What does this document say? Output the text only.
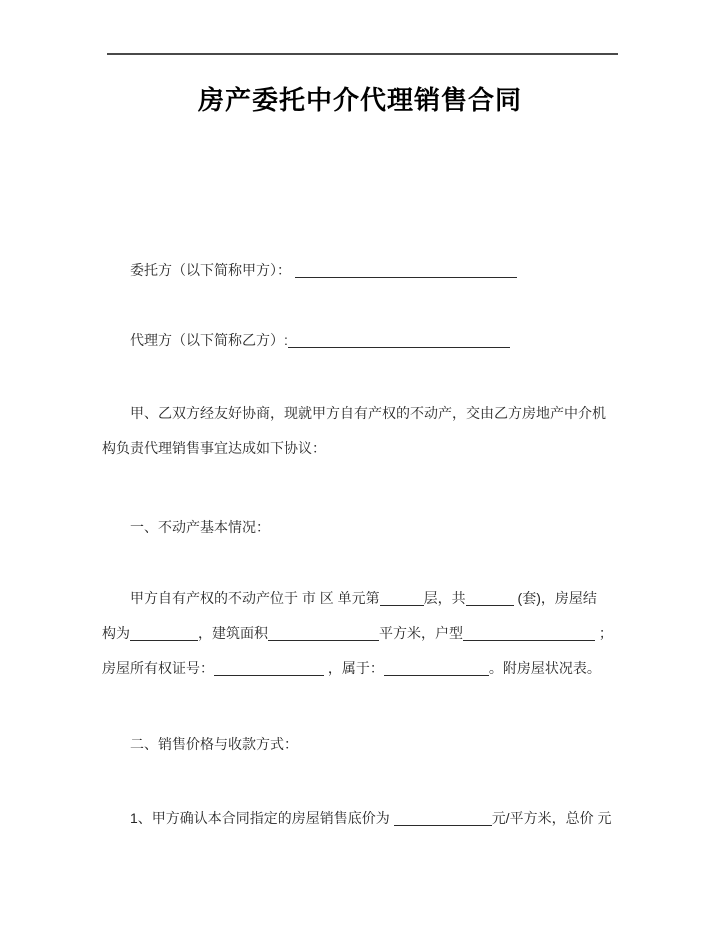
房产委托中介代理销售合同
委托方（以下简称甲方）：
代理方（以下简称乙方）:
甲、乙双方经友好协商，现就甲方自有产权的不动产，交由乙方房地产中介机
构负责代理销售事宜达成如下协议：
一、不动产基本情况：
甲方自有产权的不动产位于 市 区 单元第	层，共	(套)，房屋结
构为	，建筑面积	平方米，户型	；
房屋所有权证号：	，属于：	。附房屋状况表。
二、销售价格与收款方式：
1、甲方确认本合同指定的房屋销售底价为	元/平方米，总价 元
